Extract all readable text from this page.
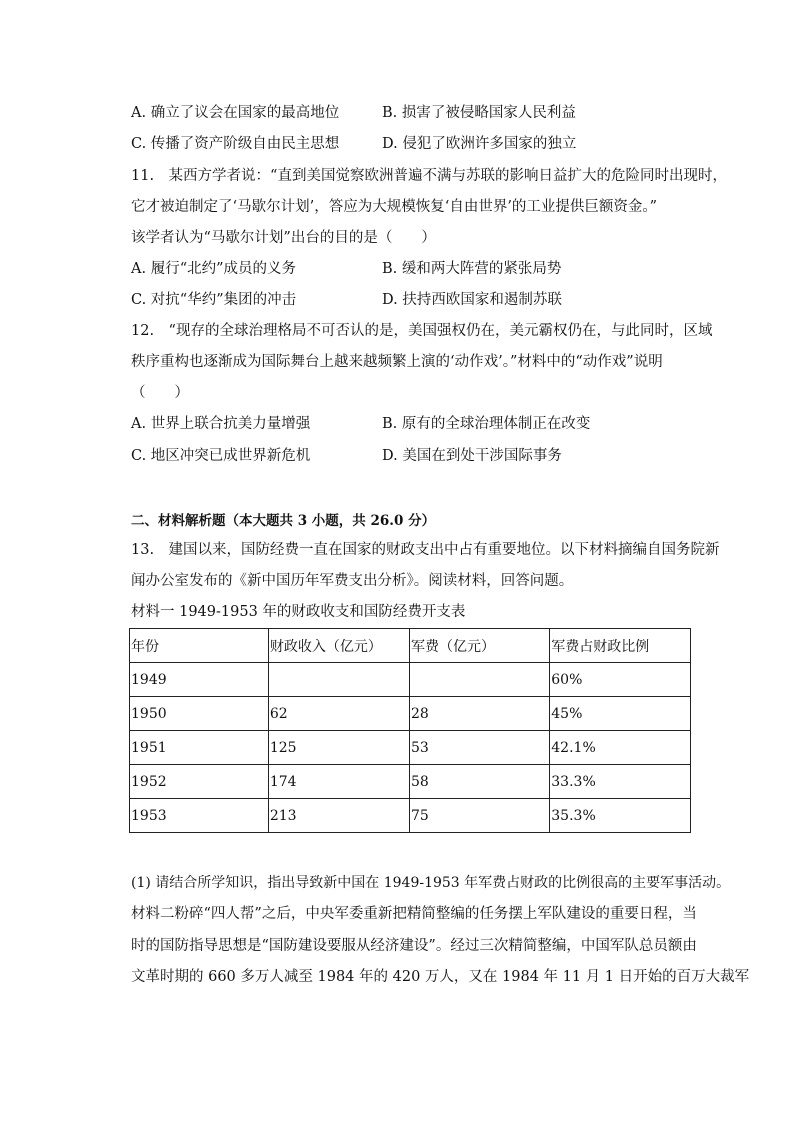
A. 确立了议会在国家的最高地位	B. 损害了被侵略国家人民利益
C. 传播了资产阶级自由民主思想	D. 侵犯了欧洲许多国家的独立
11.　某西方学者说：“直到美国觉察欧洲普遍不满与苏联的影响日益扩大的危险同时出现时，
它才被迫制定了‘马歇尔计划’，答应为大规模恢复‘自由世界’的工业提供巨额资金。”
该学者认为“马歇尔计划”出台的目的是（　　）
A. 履行“北约”成员的义务	B. 缓和两大阵营的紧张局势
C. 对抗“华约”集团的冲击	D. 扶持西欧国家和遏制苏联
12.　“现存的全球治理格局不可否认的是，美国强权仍在，美元霸权仍在，与此同时，区域
秩序重构也逐渐成为国际舞台上越来越频繁上演的‘动作戏’。”材料中的“动作戏”说明
（　　）
A. 世界上联合抗美力量增强	B. 原有的全球治理体制正在改变
C. 地区冲突已成世界新危机	D. 美国在到处干涉国际事务
二、材料解析题（本大题共 3 小题，共 26.0 分）
13.　建国以来，国防经费一直在国家的财政支出中占有重要地位。以下材料摘编自国务院新
闻办公室发布的《新中国历年军费支出分析》。阅读材料，回答问题。
材料一 1949-1953 年的财政收支和国防经费开支表
年份	财政收入（亿元）	军费（亿元）	军费占财政比例
1949			60%
1950	62	28	45%
1951	125	53	42.1%
1952	174	58	33.3%
1953	213	75	35.3%
(1) 请结合所学知识，指出导致新中国在 1949-1953 年军费占财政的比例很高的主要军事活动。
材料二粉碎“四人帮”之后，中央军委重新把精简整编的任务摆上军队建设的重要日程，当
时的国防指导思想是“国防建设要服从经济建设”。经过三次精简整编，中国军队总员额由
文革时期的 660 多万人减至 1984 年的 420 万人，又在 1984 年 11 月 1 日开始的百万大裁军
